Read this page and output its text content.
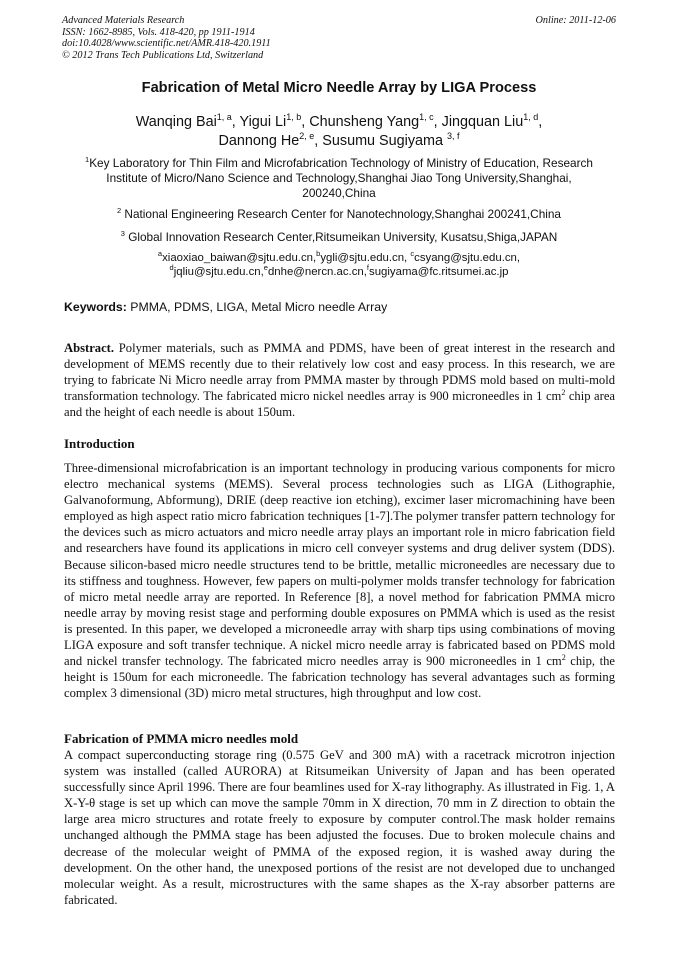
Advanced Materials Research
ISSN: 1662-8985, Vols. 418-420, pp 1911-1914
doi:10.4028/www.scientific.net/AMR.418-420.1911
© 2012 Trans Tech Publications Ltd, Switzerland
Online: 2011-12-06
Fabrication of Metal Micro Needle Array by LIGA Process
Wanqing Bai$^{1, a}$, Yigui Li$^{1, b}$, Chunsheng Yang$^{1, c}$, Jingquan Liu$^{1, d}$,
Dannong He$^{2, e}$, Susumu Sugiyama $^{3, f}$
$^1$Key Laboratory for Thin Film and Microfabrication Technology of Ministry of Education, Research
Institute of Micro/Nano Science and Technology,Shanghai Jiao Tong University,Shanghai,
200240,China
$^2$ National Engineering Research Center for Nanotechnology,Shanghai 200241,China
$^3$ Global Innovation Research Center,Ritsumeikan University, Kusatsu,Shiga,JAPAN
$^a$xiaoxiao_baiwan@sjtu.edu.cn,$^b$ygli@sjtu.edu.cn, $^c$csyang@sjtu.edu.cn,
$^d$jqliu@sjtu.edu.cn,$^e$dnhe@nercn.ac.cn,$^f$sugiyama@fc.ritsumei.ac.jp
Keywords: PMMA, PDMS, LIGA, Metal Micro needle Array
Abstract. Polymer materials, such as PMMA and PDMS, have been of great interest in the research and development of MEMS recently due to their relatively low cost and easy process. In this research, we are trying to fabricate Ni Micro needle array from PMMA master by through PDMS mold based on multi-mold transformation technology. The fabricated micro nickel needles array is 900 microneedles in 1 $cm^2$ chip area and the height of each needle is about 150um.
Introduction
Three-dimensional microfabrication is an important technology in producing various components for micro electro mechanical systems (MEMS). Several process technologies such as LIGA (Lithographie, Galvanoformung, Abformung), DRIE (deep reactive ion etching), excimer laser micromachining have been employed as high aspect ratio micro fabrication techniques [1-7].The polymer transfer pattern technology for the devices such as micro actuators and micro needle array plays an important role in micro fabrication field and researchers have found its applications in micro cell conveyer systems and drug deliver system (DDS). Because silicon-based micro needle structures tend to be brittle, metallic microneedles are necessary due to its stiffness and toughness. However, few papers on multi-polymer molds transfer technology for fabrication of micro metal needle array are reported. In Reference [8], a novel method for fabrication PMMA micro needle array by moving resist stage and performing double exposures on PMMA which is used as the resist is presented. In this paper, we developed a microneedle array with sharp tips using combinations of moving LIGA exposure and soft transfer technique. A nickel micro needle array is fabricated based on PDMS mold and nickel transfer technology. The fabricated micro needles array is 900 microneedles in 1 $cm^2$ chip, the height is 150um for each microneedle. The fabrication technology has several advantages such as forming complex 3 dimensional (3D) micro metal structures, high throughput and low cost.
Fabrication of PMMA micro needles mold
A compact superconducting storage ring (0.575 GeV and 300 mA) with a racetrack microtron injection system was installed (called AURORA) at Ritsumeikan University of Japan and has been operated successfully since April 1996. There are four beamlines used for X-ray lithography. As illustrated in Fig. 1, A X-Y-θ stage is set up which can move the sample 70mm in X direction, 70 mm in Z direction to obtain the large area micro structures and rotate freely to exposure by computer control.The mask holder remains unchanged although the PMMA stage has been adjusted the focuses. Due to broken molecule chains and decrease of the molecular weight of PMMA of the exposed region, it is washed away during the development. On the other hand, the unexposed portions of the resist are not developed due to unchanged molecular weight. As a result, microstructures with the same shapes as the X-ray absorber patterns are fabricated.
